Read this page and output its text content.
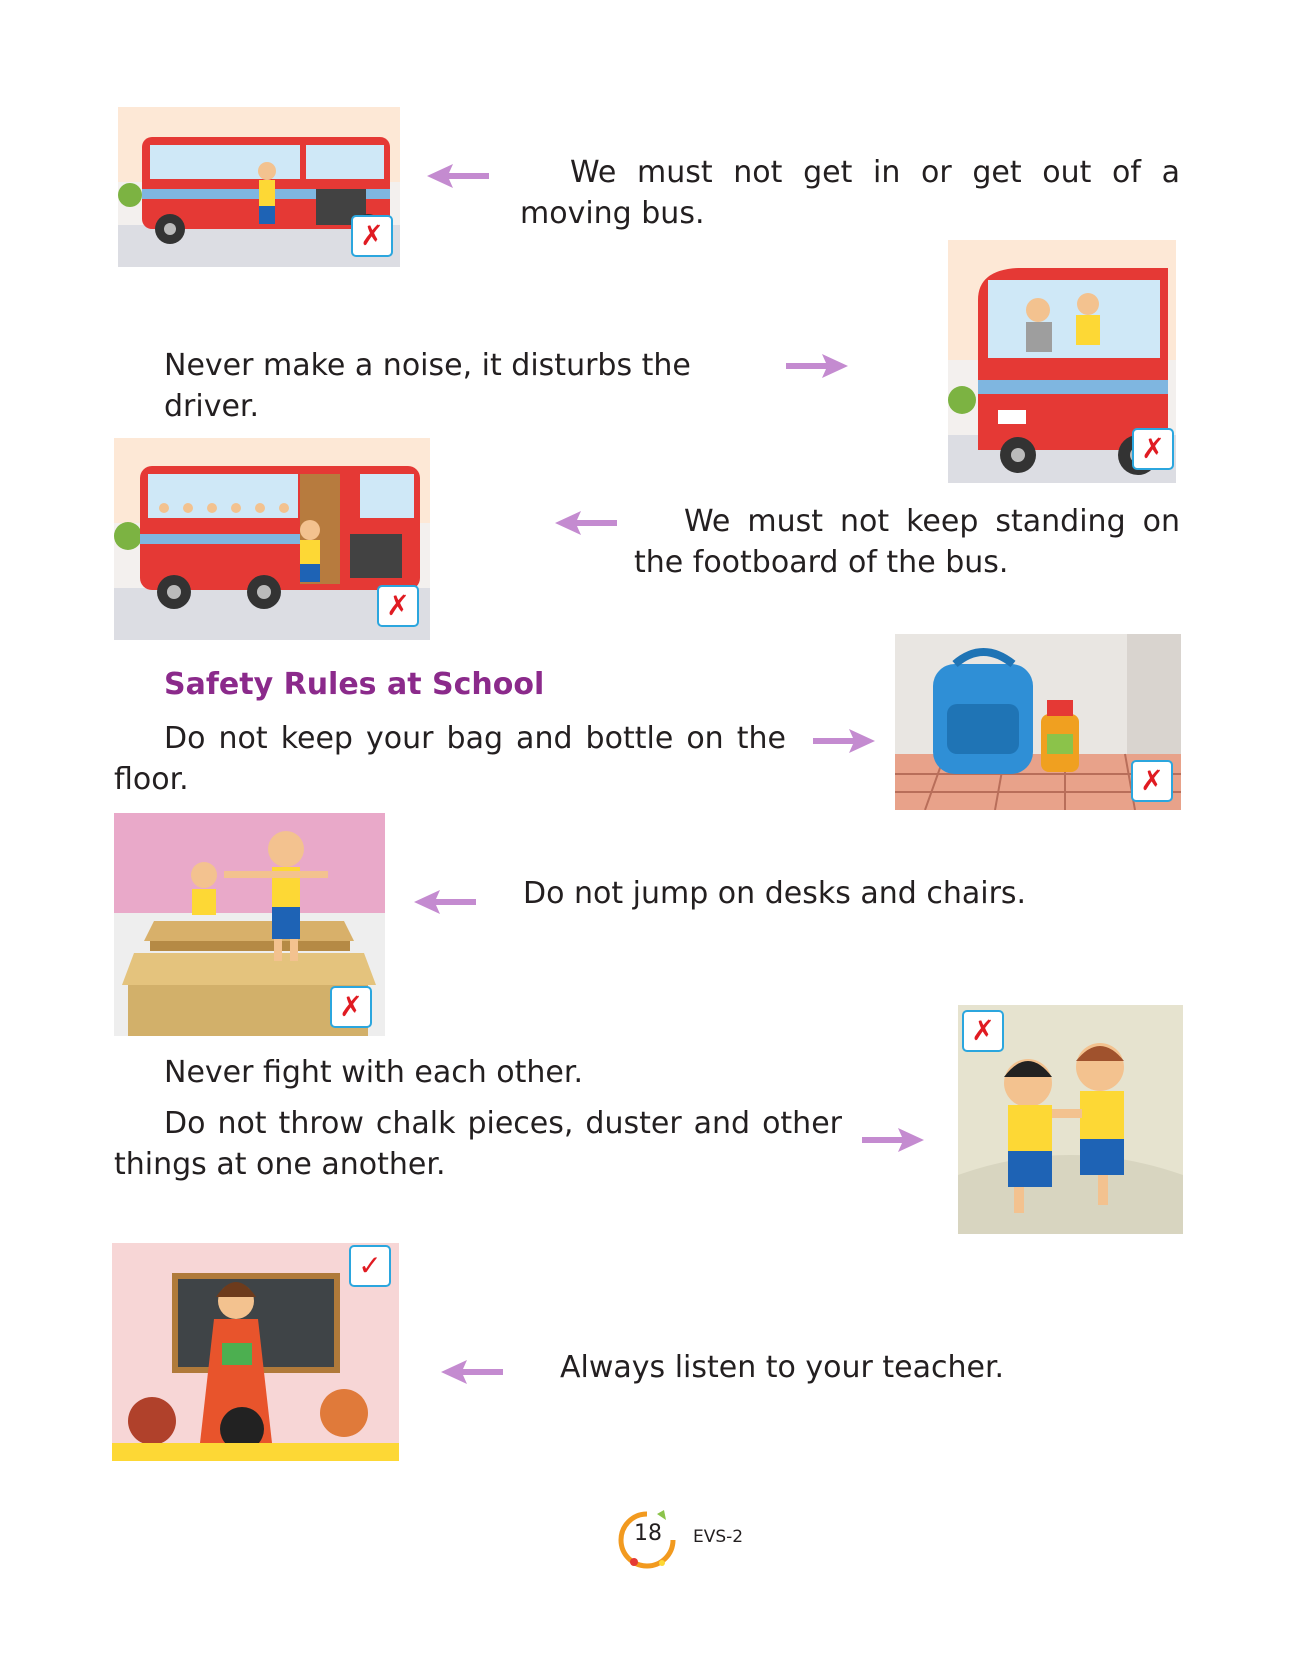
✗

We must not get in or get out of a moving bus.

Never make a noise, it disturbs the driver.

✗
✗

We must not keep standing on the footboard of the bus.

Safety Rules at School

Do not keep your bag and bottle on the floor.	✗
✗

Do not jump on desks and chairs.

Never fight with each other.

Do not throw chalk pieces, duster and other things at one another.

✗
✓

Always listen to your teacher.

18	EVS-2
